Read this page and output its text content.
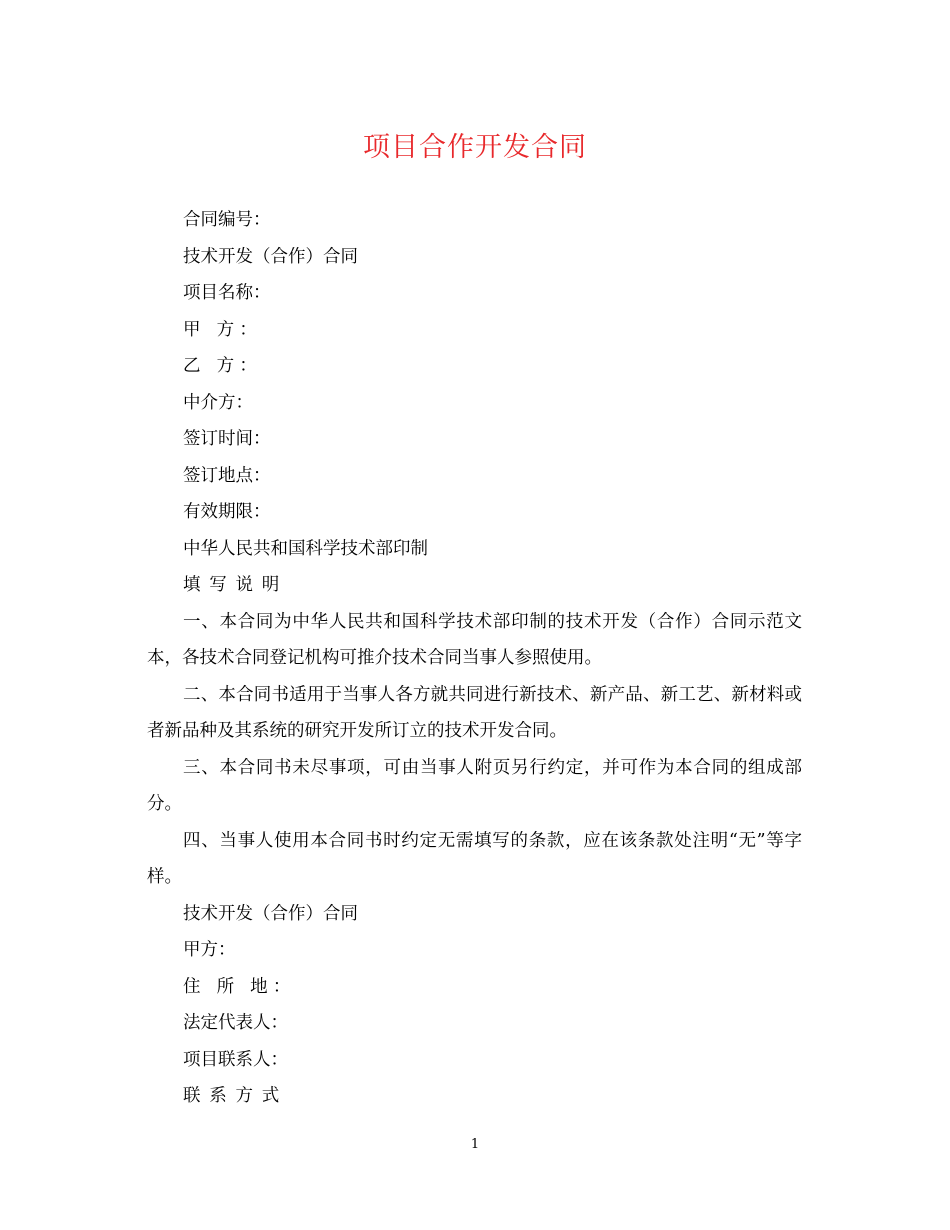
项目合作开发合同

合同编号：

技术开发（合作）合同

项目名称：

甲 方：

乙 方：

中介方：

签订时间：

签订地点：

有效期限：

中华人民共和国科学技术部印制

填写说明

一、本合同为中华人民共和国科学技术部印制的技术开发（合作）合同示范文本，各技术合同登记机构可推介技术合同当事人参照使用。

二、本合同书适用于当事人各方就共同进行新技术、新产品、新工艺、新材料或者新品种及其系统的研究开发所订立的技术开发合同。

三、本合同书未尽事项，可由当事人附页另行约定，并可作为本合同的组成部分。

四、当事人使用本合同书时约定无需填写的条款，应在该条款处注明“无”等字样。

技术开发（合作）合同

甲方：

住 所 地：

法定代表人：

项目联系人：

联系方式

1
